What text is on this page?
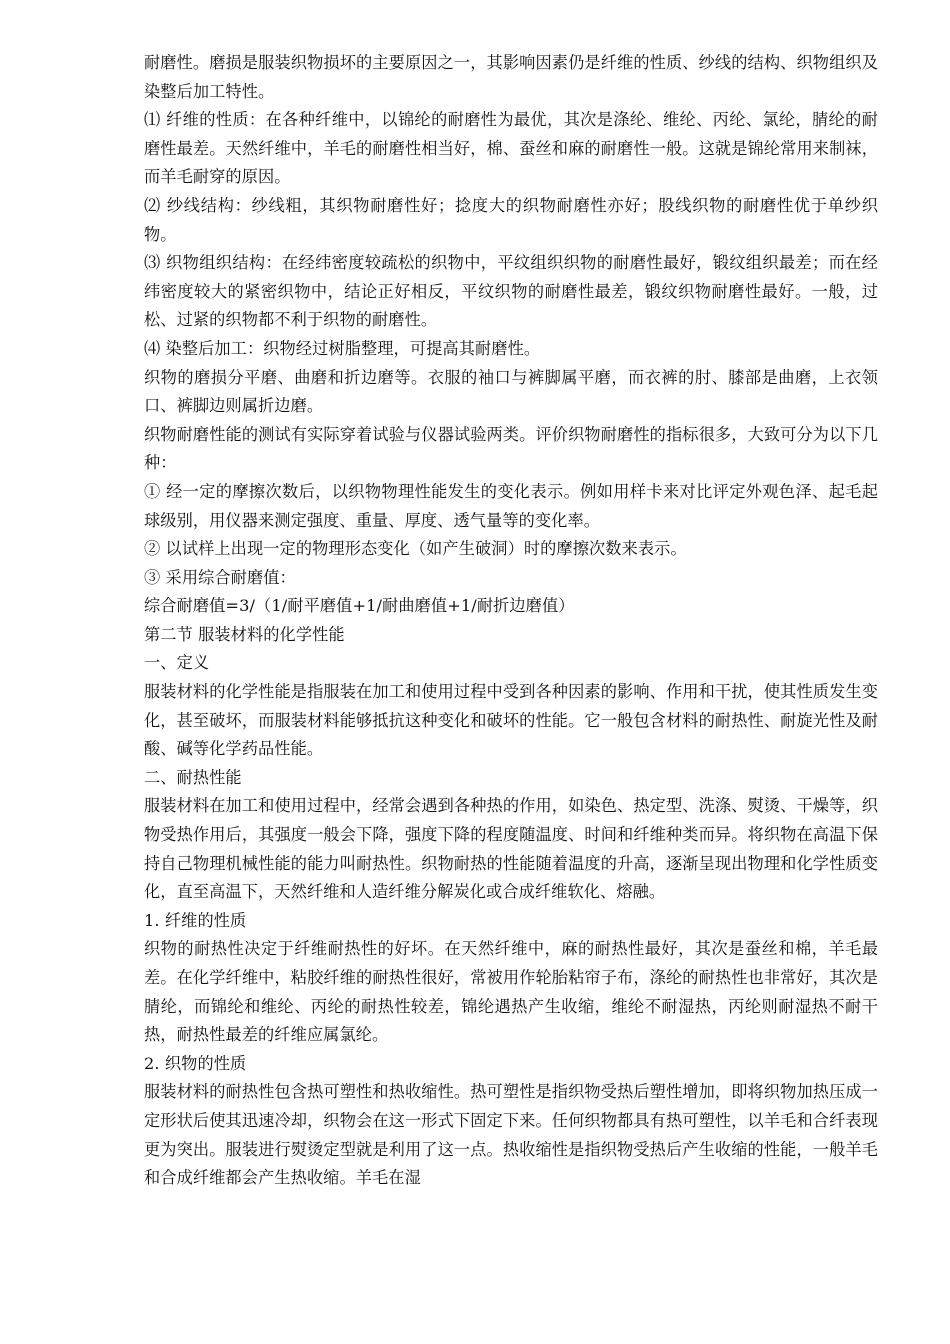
耐磨性。磨损是服装织物损坏的主要原因之一，其影响因素仍是纤维的性质、纱线的结构、织物组织及染整后加工特性。

⑴ 纤维的性质：在各种纤维中，以锦纶的耐磨性为最优，其次是涤纶、维纶、丙纶、氯纶，腈纶的耐磨性最差。天然纤维中，羊毛的耐磨性相当好，棉、蚕丝和麻的耐磨性一般。这就是锦纶常用来制袜，而羊毛耐穿的原因。

⑵ 纱线结构：纱线粗，其织物耐磨性好；捻度大的织物耐磨性亦好；股线织物的耐磨性优于单纱织物。

⑶ 织物组织结构：在经纬密度较疏松的织物中，平纹组织织物的耐磨性最好，锻纹组织最差；而在经纬密度较大的紧密织物中，结论正好相反，平纹织物的耐磨性最差，锻纹织物耐磨性最好。一般，过松、过紧的织物都不利于织物的耐磨性。

⑷ 染整后加工：织物经过树脂整理，可提高其耐磨性。

织物的磨损分平磨、曲磨和折边磨等。衣服的袖口与裤脚属平磨，而衣裤的肘、膝部是曲磨，上衣领口、裤脚边则属折边磨。

织物耐磨性能的测试有实际穿着试验与仪器试验两类。评价织物耐磨性的指标很多，大致可分为以下几种：

① 经一定的摩擦次数后，以织物物理性能发生的变化表示。例如用样卡来对比评定外观色泽、起毛起球级别，用仪器来测定强度、重量、厚度、透气量等的变化率。

② 以试样上出现一定的物理形态变化（如产生破洞）时的摩擦次数来表示。

③ 采用综合耐磨值：

综合耐磨值=3/（1/耐平磨值+1/耐曲磨值+1/耐折边磨值）

第二节 服装材料的化学性能

一、定义

服装材料的化学性能是指服装在加工和使用过程中受到各种因素的影响、作用和干扰，使其性质发生变化，甚至破坏，而服装材料能够抵抗这种变化和破坏的性能。它一般包含材料的耐热性、耐旋光性及耐酸、碱等化学药品性能。

二、耐热性能

服装材料在加工和使用过程中，经常会遇到各种热的作用，如染色、热定型、洗涤、熨烫、干燥等，织物受热作用后，其强度一般会下降，强度下降的程度随温度、时间和纤维种类而异。将织物在高温下保持自己物理机械性能的能力叫耐热性。织物耐热的性能随着温度的升高，逐渐呈现出物理和化学性质变化，直至高温下，天然纤维和人造纤维分解炭化或合成纤维软化、熔融。

1. 纤维的性质

织物的耐热性决定于纤维耐热性的好坏。在天然纤维中，麻的耐热性最好，其次是蚕丝和棉，羊毛最差。在化学纤维中，粘胶纤维的耐热性很好，常被用作轮胎粘帘子布，涤纶的耐热性也非常好，其次是腈纶，而锦纶和维纶、丙纶的耐热性较差，锦纶遇热产生收缩，维纶不耐湿热，丙纶则耐湿热不耐干热，耐热性最差的纤维应属氯纶。

2. 织物的性质

服装材料的耐热性包含热可塑性和热收缩性。热可塑性是指织物受热后塑性增加，即将织物加热压成一定形状后使其迅速冷却，织物会在这一形式下固定下来。任何织物都具有热可塑性，以羊毛和合纤表现更为突出。服装进行熨烫定型就是利用了这一点。热收缩性是指织物受热后产生收缩的性能，一般羊毛和合成纤维都会产生热收缩。羊毛在湿
